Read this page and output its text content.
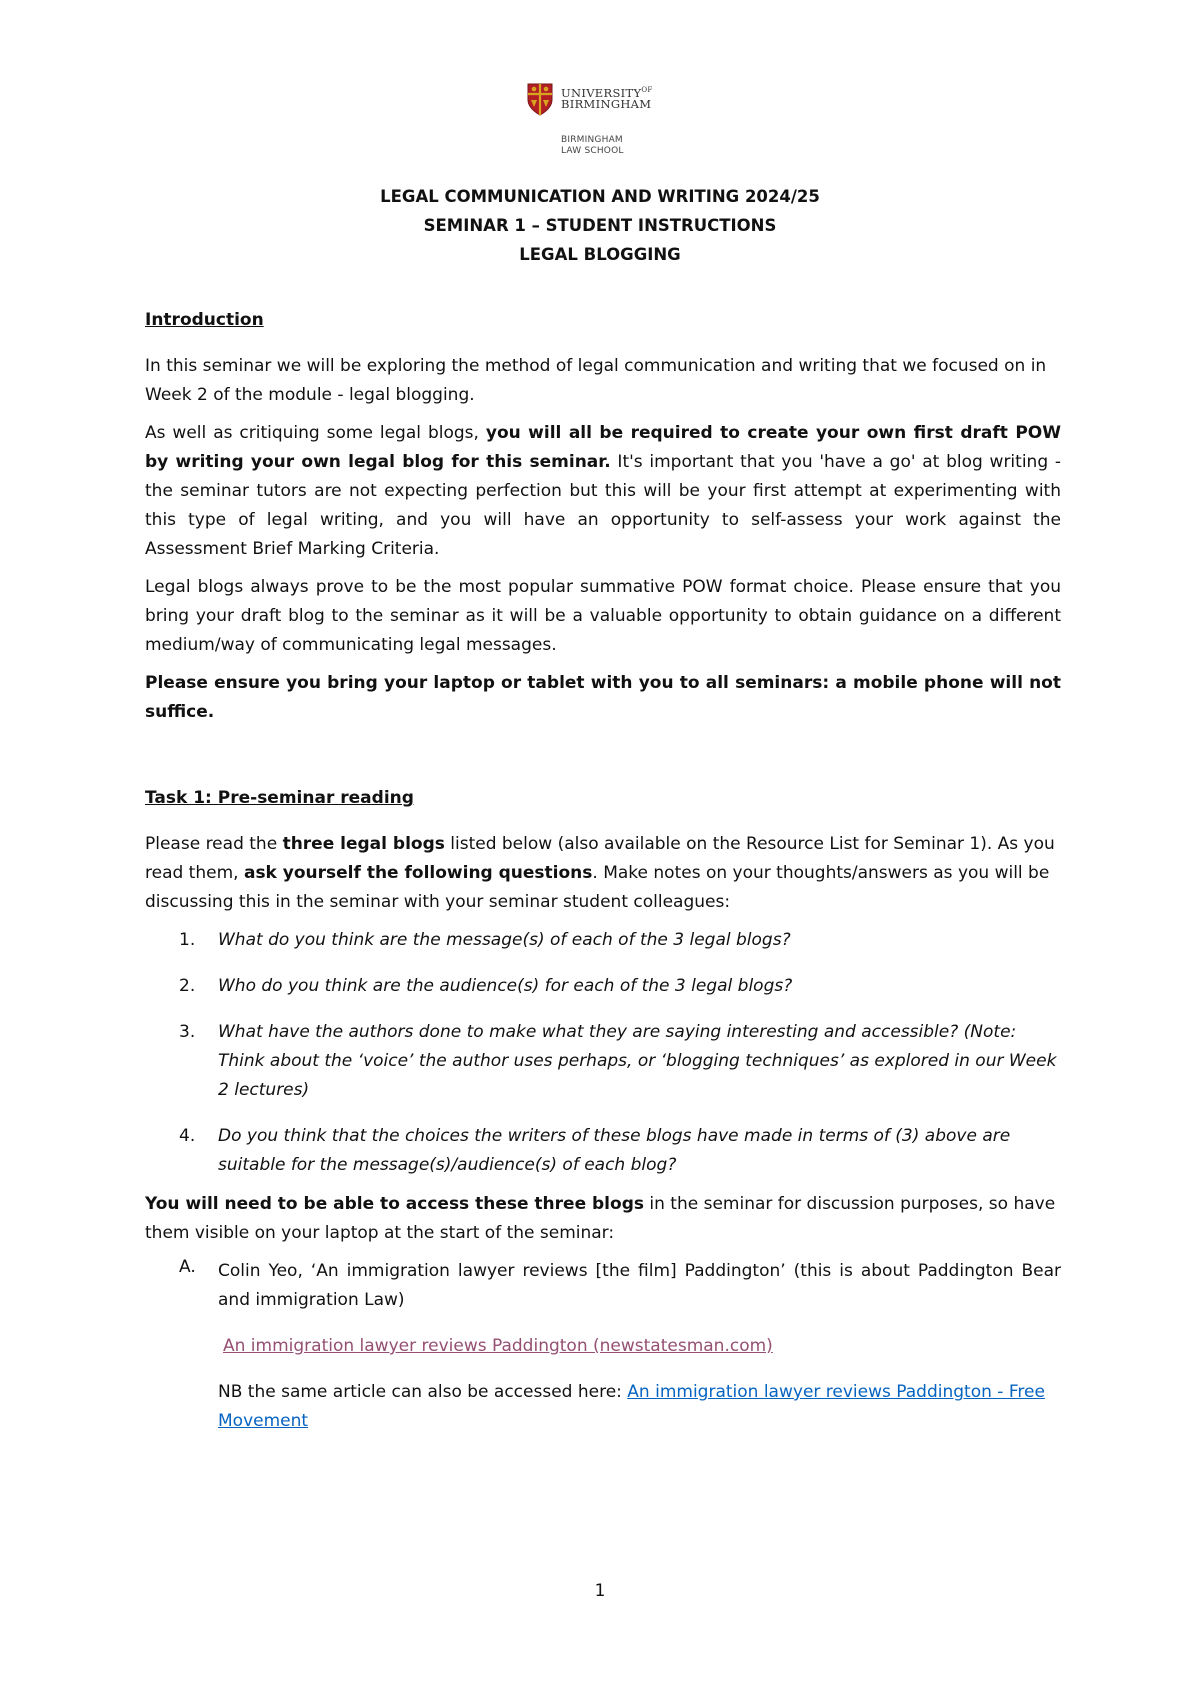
$UNIVERSITY^{OF}$
BIRMINGHAM
BIRMINGHAM
LAW SCHOOL
LEGAL COMMUNICATION AND WRITING 2024/25
SEMINAR 1 – STUDENT INSTRUCTIONS
LEGAL BLOGGING
Introduction

In this seminar we will be exploring the method of legal communication and writing that we focused on in Week 2 of the module - legal blogging.

As well as critiquing some legal blogs, you will all be required to create your own first draft POW by writing your own legal blog for this seminar. It's important that you 'have a go' at blog writing - the seminar tutors are not expecting perfection but this will be your first attempt at experimenting with this type of legal writing, and you will have an opportunity to self-assess your work against the Assessment Brief Marking Criteria.

Legal blogs always prove to be the most popular summative POW format choice. Please ensure that you bring your draft blog to the seminar as it will be a valuable opportunity to obtain guidance on a different medium/way of communicating legal messages.

Please ensure you bring your laptop or tablet with you to all seminars: a mobile phone will not suffice.

Task 1: Pre-seminar reading

Please read the three legal blogs listed below (also available on the Resource List for Seminar 1). As you read them, ask yourself the following questions. Make notes on your thoughts/answers as you will be discussing this in the seminar with your seminar student colleagues:

1. What do you think are the message(s) of each of the 3 legal blogs?
2. Who do you think are the audience(s) for each of the 3 legal blogs?
3. What have the authors done to make what they are saying interesting and accessible? (Note: Think about the ‘voice’ the author uses perhaps, or ‘blogging techniques’ as explored in our Week 2 lectures)
4. Do you think that the choices the writers of these blogs have made in terms of (3) above are suitable for the message(s)/audience(s) of each blog?

You will need to be able to access these three blogs in the seminar for discussion purposes, so have them visible on your laptop at the start of the seminar:

A. Colin Yeo, ‘An immigration lawyer reviews [the film] Paddington’ (this is about Paddington Bear and immigration Law)

An immigration lawyer reviews Paddington (newstatesman.com)

NB the same article can also be accessed here: An immigration lawyer reviews Paddington - Free Movement

1
